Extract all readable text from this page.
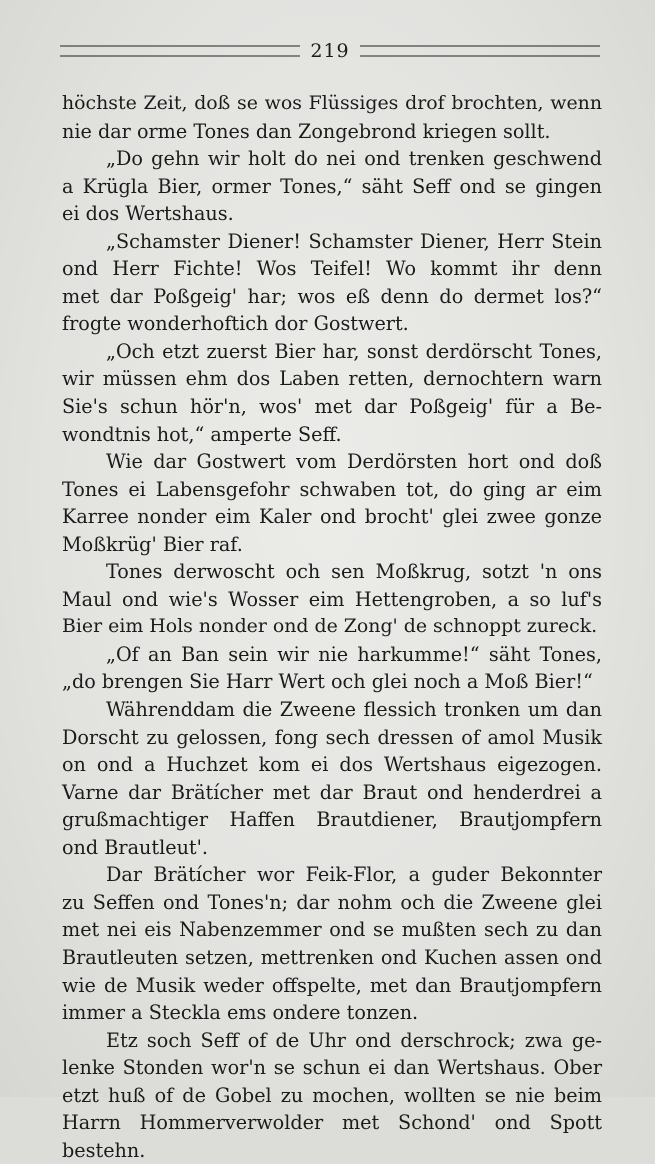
219
höchste Zeit, doß se wos Flüssiges drof brochten, wenn
nie dar orme Tones dan Zongebrond kriegen sollt.
„Do gehn wir holt do nei ond trenken geschwend
a Krügla Bier, ormer Tones,“ säht Seff ond se gingen
ei dos Wertshaus.
„Schamster Diener! Schamster Diener, Herr Stein
ond Herr Fichte! Wos Teifel! Wo kommt ihr denn
met dar Poßgeig' har; wos eß denn do dermet los?“
frogte wonderhoftich dor Gostwert.
„Och etzt zuerst Bier har, sonst derdörscht Tones,
wir müssen ehm dos Laben retten, dernochtern warn
Sie's schun hör'n, wos' met dar Poßgeig' für a Be-
wondtnis hot,“ amperte Seff.
Wie dar Gostwert vom Derdörsten hort ond doß
Tones ei Labensgefohr schwaben tot, do ging ar eim
Karree nonder eim Kaler ond brocht' glei zwee gonze
Moßkrüg' Bier raf.
Tones derwoscht och sen Moßkrug, sotzt 'n ons
Maul ond wie's Wosser eim Hettengroben, a so luf's
Bier eim Hols nonder ond de Zong' de schnoppt zureck.
„Of an Ban sein wir nie harkumme!“ säht Tones,
„do brengen Sie Harr Wert och glei noch a Moß Bier!“
Währenddam die Zweene flessich tronken um dan
Dorscht zu gelossen, fong sech dressen of amol Musik
on ond a Huchzet kom ei dos Wertshaus eigezogen.
Varne dar Brätícher met dar Braut ond henderdrei a
grußmachtiger Haffen Brautdiener, Brautjompfern
ond Brautleut'.
Dar Brätícher wor Feik-Flor, a guder Bekonnter
zu Seffen ond Tones'n; dar nohm och die Zweene glei
met nei eis Nabenzemmer ond se mußten sech zu dan
Brautleuten setzen, mettrenken ond Kuchen assen ond
wie de Musik weder offspelte, met dan Brautjompfern
immer a Steckla ems ondere tonzen.
Etz soch Seff of de Uhr ond derschrock; zwa ge-
lenke Stonden wor'n se schun ei dan Wertshaus. Ober
etzt huß of de Gobel zu mochen, wollten se nie beim
Harrn Hommerverwolder met Schond' ond Spott
bestehn.
